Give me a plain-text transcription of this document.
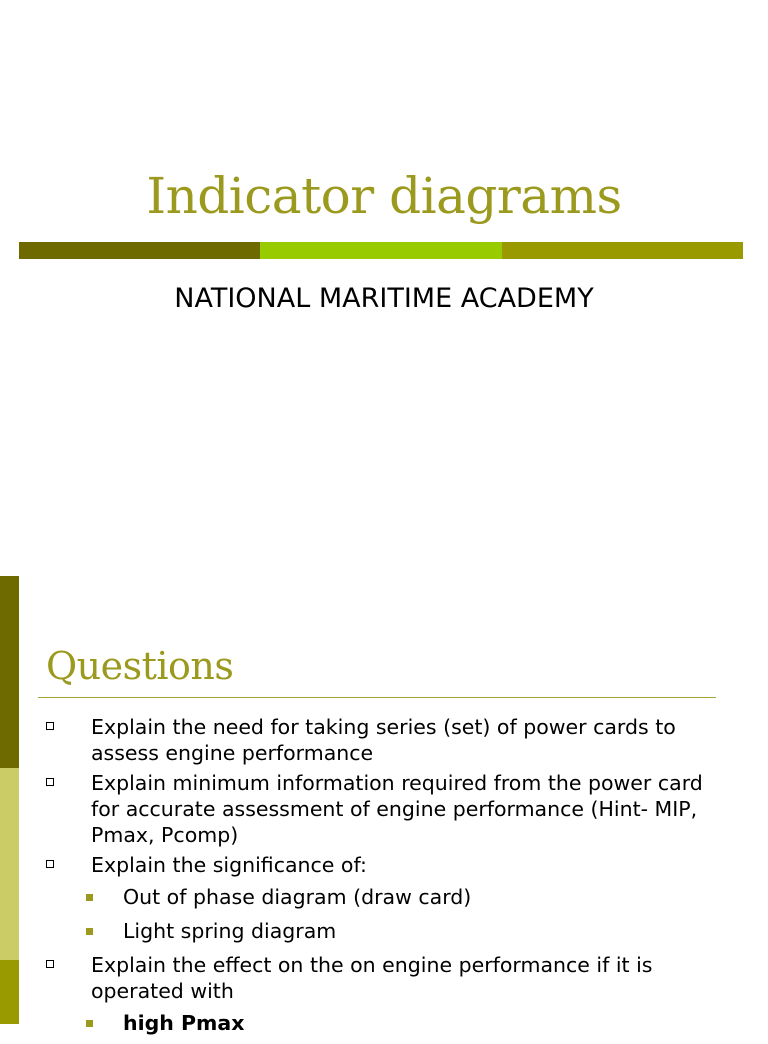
Indicator diagrams
NATIONAL MARITIME ACADEMY
Questions
Explain the need for taking series (set) of power cards to assess engine performance
Explain minimum information required from the power card for accurate assessment of engine performance (Hint- MIP, Pmax, Pcomp)
Explain the significance of:
Out of phase diagram (draw card)
Light spring diagram
Explain the effect on the on engine performance if it is operated with
high Pmax
